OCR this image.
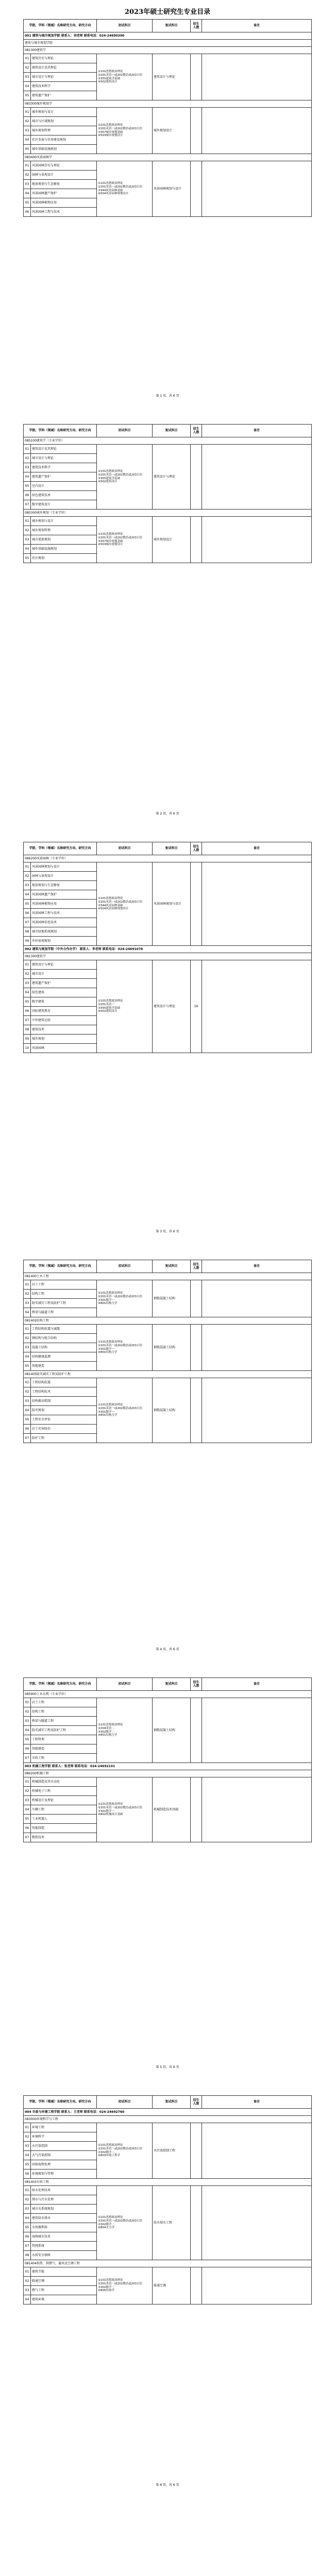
2023年硕士研究生专业目录
学院、学科（领域）名称研究方向、研究方向		初试科目	复试科目	招生人数	备注
001 建筑与城市规划学院 联系人：刘老师 联系电话：024-24690390					
建筑与城市规划学院					
081300建筑学					
01	建筑历史与理论	①101思想政治理论
②201英语一或202俄语或203日语
③355建筑学基础
④502建筑设计	建筑设计与理论		
02	建筑设计及其理论				
03	城市设计与理论				
04	建筑技术科学				
05	建筑遗产保护				
083300城乡规划学					
01	城乡规划与设计	①101思想政治理论
②201英语一或202俄语或203日语
③357城乡规划基础
④503城乡规划设计	城乡规划设计		
02	城市与区域规划				
03	城乡规划管理				
04	社区发展与住房建设规划				
05	城乡基础设施规划				
083400风景园林学					
01	风景园林历史与理论	①101思想政治理论
②201英语一或202俄语或203日语
③344风景园林基础
④504风景园林规划设计	风景园林规划与设计		
02	园林与景观设计				
03	地景规划与生态修复				
04	风景园林遗产保护				
05	风景园林植物应用				
06	风景园林工程与技术				
第 1 页，共 6 页
学院、学科（领域）名称研究方向、研究方向		初试科目	复试科目	招生人数	备注
085100建筑学（专业学位）					
01	建筑设计及其理论	①101思想政治理论
②201英语一或202俄语或203日语
③355建筑学基础
④502建筑设计	建筑设计与理论		
02	城市设计与理论				
03	建筑技术科学				
04	建筑遗产保护				
05	室内设计				
06	绿色建筑技术				
07	数字建筑设计				
085300城乡规划（专业学位）					
01	城乡规划与设计	①101思想政治理论
②201英语一或202俄语或203日语
③357城乡规划基础
④503城乡规划设计	城乡规划设计		
02	城乡规划管理				
03	城市更新规划				
04	城乡基础设施规划				
05	社区规划				
第 2 页，共 6 页
学院、学科（领域）名称研究方向、研究方向		初试科目	复试科目	招生人数	备注
086200风景园林（专业学位）					
01	风景园林规划与设计	①101思想政治理论
②201英语一或202俄语或203日语
③344风景园林基础
④504风景园林规划设计	风景园林规划与设计		
02	园林与景观设计				
03	地景规划与生态修复				
04	风景园林遗产保护				
05	风景园林植物应用				
06	风景园林工程与技术				
07	风景园林信息技术				
08	城市绿地系统规划				
09	乡村景观规划				
002 建筑与规划学院（中外合作办学） 联系人：李老师 联系电话：024-24691078					
081300建筑学					
01	建筑设计与理论	①101思想政治理论
②201英语一
③355建筑学基础
④502建筑设计	建筑设计与理论	16	
02	城市设计				
03	建筑遗产保护				
04	绿色建筑				
05	数字建筑				
06	国际建筑教育				
07	中外建筑比较				
08	建筑技术				
09	城乡规划				
10	风景园林				
第 3 页，共 6 页
学院、学科（领域）名称研究方向、研究方向		初试科目	复试科目	招生人数	备注
081400土木工程					
01	岩土工程	①101思想政治理论
②201英语一或202俄语或203日语
③301数学一
④801结构力学	钢筋混凝土结构		
02	结构工程				
03	防灾减灾工程及防护工程				
04	桥梁与隧道工程				
081402结构工程					
01	工程结构抗震与减震	①101思想政治理论
②201英语一或202俄语或203日语
③301数学一
④801结构力学	钢筋混凝土结构		
02	钢结构与组合结构				
03	混凝土结构				
04	结构健康监测				
05	智能建造				
081405防灾减灾工程及防护工程					
01	工程结构抗震	①101思想政治理论
②201英语一或202俄语或203日语
③301数学一
④801结构力学	钢筋混凝土结构		
02	工程结构抗风				
03	结构振动控制				
04	防灾规划				
05	工程安全评估				
06	岩土灾害防治				
07	防护工程				
第 4 页，共 6 页
学院、学科（领域）名称研究方向、研究方向		初试科目	复试科目	招生人数	备注
085900土木水利（专业学位）					
01	岩土工程	①101思想政治理论
②204英语二
③302数学二
④801结构力学	钢筋混凝土结构		
02	结构工程				
03	桥梁与隧道工程				
04	防灾减灾工程及防护工程				
05	工程管理				
06	智能建造				
07	市政工程				
003 机械工程学院 联系人：张老师 联系电话：024-24692101					
080200机械工程					
01	机械制造及其自动化	①101思想政治理论
②201英语一或202俄语或203日语
③301数学一
④802机械设计基础	机械制造技术基础		
02	机械电子工程				
03	机械设计及理论				
04	车辆工程				
05	工业机器人				
06	智能制造				
07	数控技术				
第 5 页，共 6 页
学院、学科（领域）名称研究方向、研究方向		初试科目	复试科目	招生人数	备注
004 市政与环境工程学院 联系人：王老师 联系电话：024-24692760					
083000环境科学与工程					
01	环境工程	①101思想政治理论
②201英语一或202俄语或203日语
③302数学二
④803环境工程学	水污染控制工程		
02	环境科学				
03	水污染控制				
04	大气污染控制				
05	固体废物处理				
06	环境规划与管理				
081403市政工程					
01	给水处理技术	①101思想政治理论
②201英语一或202俄语或203日语
③302数学二
④804水力学	给水排水工程		
02	排水与污水处理				
03	城市水系统规划				
04	建筑给水排水				
05	水资源利用				
06	海绵城市技术				
07	管网系统				
08	水质安全保障				
081404供热、供燃气、通风及空调工程					
01	建筑节能	①101思想政治理论
②201英语一或202俄语或203日语
③302数学二
④805传热学	暖通空调		
02	暖通空调				
03	燃气工程				
04	建筑环境				
第 6 页，共 6 页
